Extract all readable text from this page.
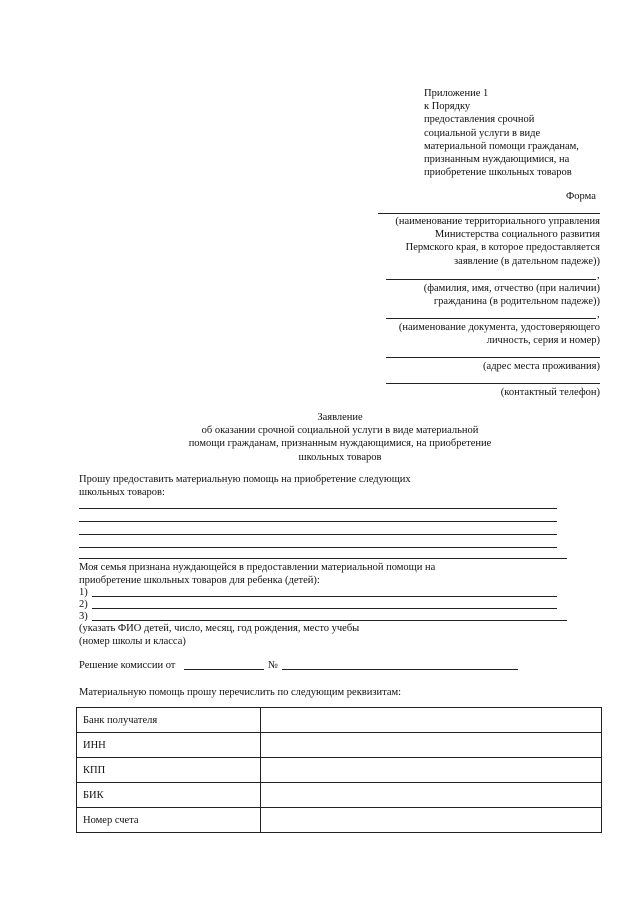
Приложение 1
к Порядку
предоставления срочной
социальной услуги в виде
материальной помощи гражданам,
признанным нуждающимися, на
приобретение школьных товаров
Форма
(наименование территориального управления
Министерства социального развития
Пермского края, в которое предоставляется
заявление (в дательном падеже))
,
(фамилия, имя, отчество (при наличии)
гражданина (в родительном падеже))
,
(наименование документа, удостоверяющего
личность, серия и номер)
(адрес места проживания)
(контактный телефон)
Заявление
об оказании срочной социальной услуги в виде материальной
помощи гражданам, признанным нуждающимися, на приобретение
школьных товаров
Прошу предоставить материальную помощь на приобретение следующих
школьных товаров:
Моя семья признана нуждающейся в предоставлении материальной помощи на
приобретение школьных товаров для ребенка (детей):
1)
2)
3)
(указать ФИО детей, число, месяц, год рождения, место учебы
(номер школы и класса)
Решение комиссии от	№
Материальную помощь прошу перечислить по следующим реквизитам:
Банк получателя	
ИНН	
КПП	
БИК	
Номер счета	
